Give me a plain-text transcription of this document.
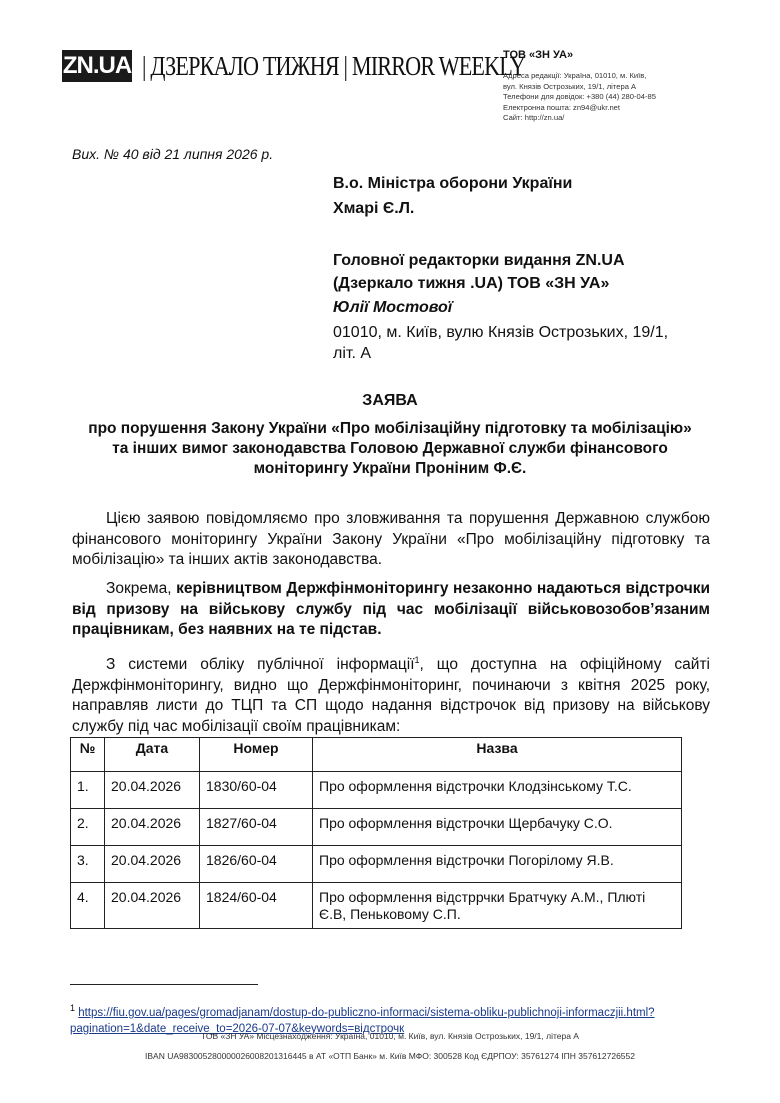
ZN.UA | ДЗЕРКАЛО ТИЖНЯ | MIRROR WEEKLY
ТОВ «ЗН УА»
Адреса редакції: Україна, 01010, м. Київ,
вул. Князів Острозьких, 19/1, літера А
Телефони для довідок: +380 (44) 280-04-85
Електронна пошта: zn94@ukr.net
Сайт: http://zn.ua/
Вих. № 40 від 21 липня 2026 р.
В.о. Міністра оборони України
Хмарі Є.Л.
Головної редакторки видання ZN.UA
(Дзеркало тижня .UA) ТОВ «ЗН УА»
Юлії Мостової
01010, м. Київ, вулю Князів Острозьких, 19/1,
літ. А
ЗАЯВА
про порушення Закону України «Про мобілізаційну підготовку та мобілізацію»
та інших вимог законодавства Головою Державної служби фінансового
моніторингу України Проніним Ф.Є.

Цією заявою повідомляємо про зловживання та порушення Державною службою фінансового моніторингу України Закону України «Про мобілізаційну підготовку та мобілізацію» та інших актів законодавства.

Зокрема, керівництвом Держфінмоніторингу незаконно надаються відстрочки від призову на військову службу під час мобілізації військовозобов’язаним працівникам, без наявних на те підстав.

З системи обліку публічної інформації$^1$, що доступна на офіційному сайті Держфінмоніторингу, видно що Держфінмоніторинг, починаючи з квітня 2025 року, направляв листи до ТЦП та СП щодо надання відстрочок від призову на військову службу під час мобілізації своїм працівникам:

№	Дата	Номер	Назва
1.	20.04.2026	1830/60-04	Про оформлення відстрочки Клодзінському Т.С.
2.	20.04.2026	1827/60-04	Про оформлення відстрочки Щербачуку С.О.
3.	20.04.2026	1826/60-04	Про оформлення відстрочки Погорілому Я.В.
4.	20.04.2026	1824/60-04	Про оформлення відстррчки Братчуку А.М., Плюті Є.В, Пеньковому С.П.
$^1$ https://fiu.gov.ua/pages/gromadjanam/dostup-do-publiczno-informaci/sistema-obliku-publichnoji-informaczjii.html?pagination=1&date_receive_to=2026-07-07&keywords=відстрочк
ТОВ «ЗН УА» Місцезнаходження: Україна, 01010, м. Київ, вул. Князів Острозьких, 19/1, літера А
IBAN UA983005280000026008201316445 в АТ «ОТП Банк» м. Київ МФО: 300528 Код ЄДРПОУ: 35761274 ІПН 357612726552
